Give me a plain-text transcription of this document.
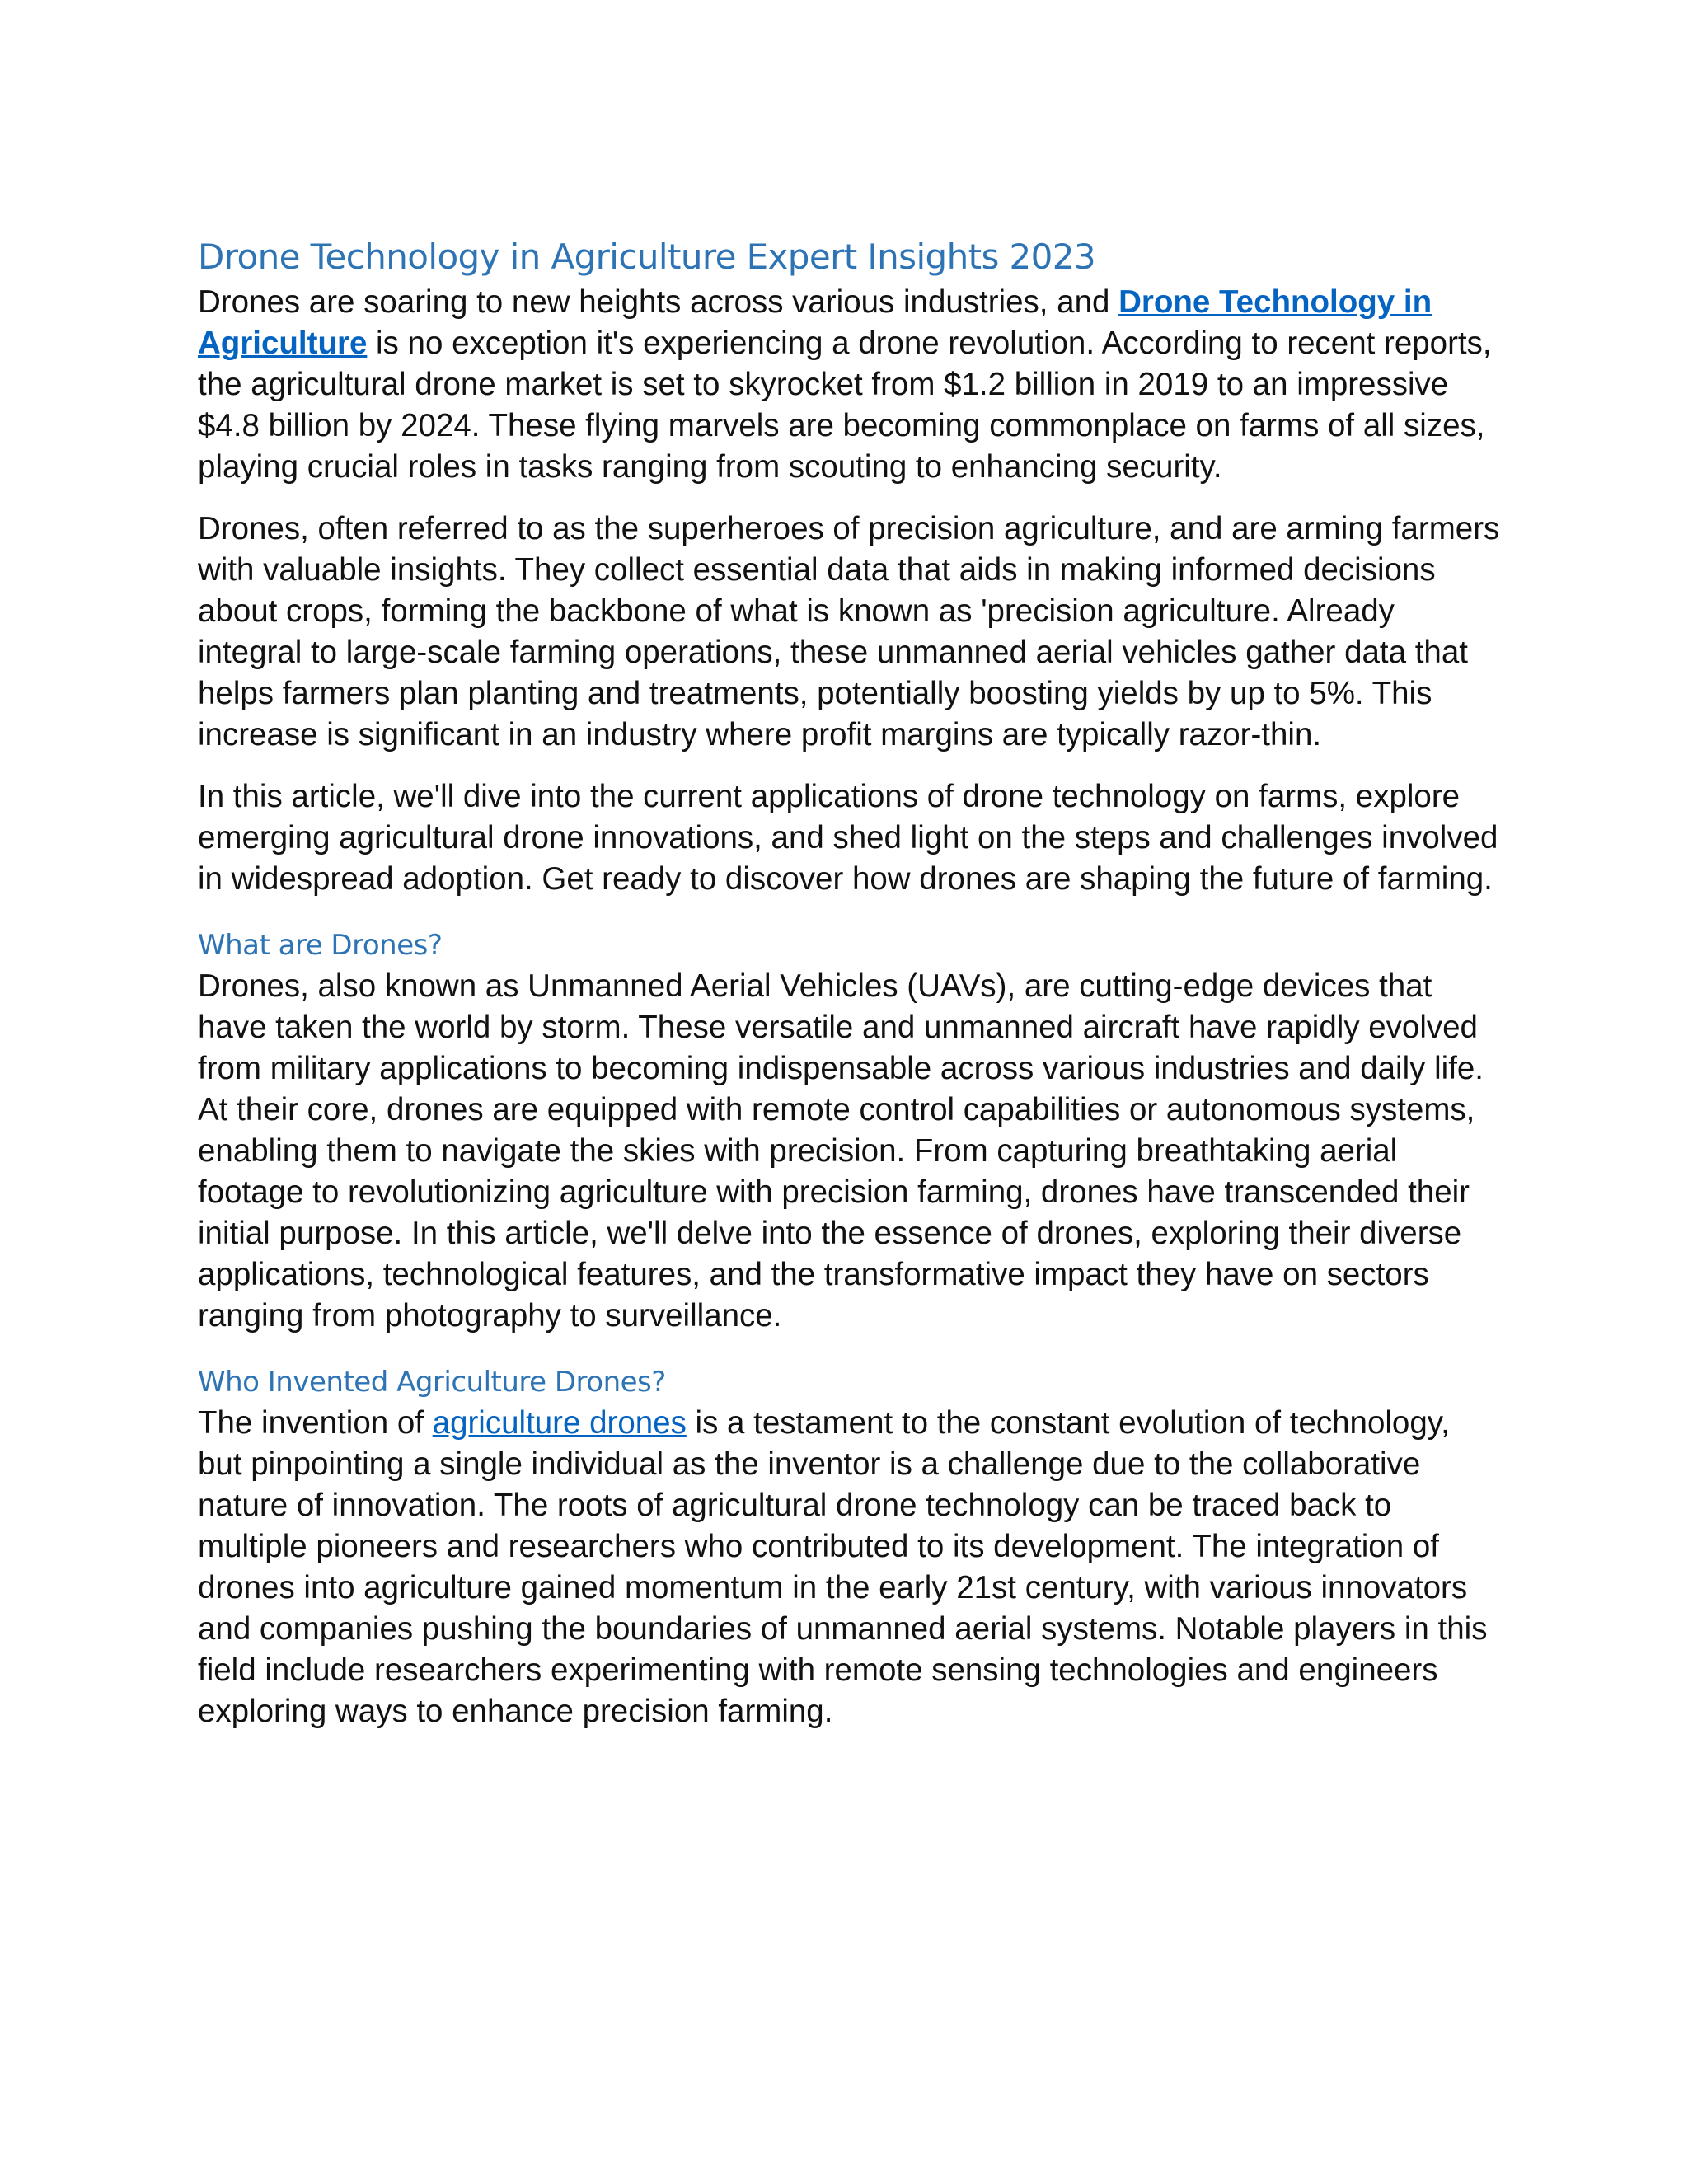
Drone Technology in Agriculture Expert Insights 2023

Drones are soaring to new heights across various industries, and Drone Technology in Agriculture is no exception it's experiencing a drone revolution. According to recent reports, the agricultural drone market is set to skyrocket from $1.2 billion in 2019 to an impressive $4.8 billion by 2024. These flying marvels are becoming commonplace on farms of all sizes, playing crucial roles in tasks ranging from scouting to enhancing security.

Drones, often referred to as the superheroes of precision agriculture, and are arming farmers with valuable insights. They collect essential data that aids in making informed decisions about crops, forming the backbone of what is known as 'precision agriculture. Already integral to large-scale farming operations, these unmanned aerial vehicles gather data that helps farmers plan planting and treatments, potentially boosting yields by up to 5%. This increase is significant in an industry where profit margins are typically razor-thin.

In this article, we'll dive into the current applications of drone technology on farms, explore emerging agricultural drone innovations, and shed light on the steps and challenges involved in widespread adoption. Get ready to discover how drones are shaping the future of farming.

What are Drones?

Drones, also known as Unmanned Aerial Vehicles (UAVs), are cutting-edge devices that have taken the world by storm. These versatile and unmanned aircraft have rapidly evolved from military applications to becoming indispensable across various industries and daily life. At their core, drones are equipped with remote control capabilities or autonomous systems, enabling them to navigate the skies with precision. From capturing breathtaking aerial footage to revolutionizing agriculture with precision farming, drones have transcended their initial purpose. In this article, we'll delve into the essence of drones, exploring their diverse applications, technological features, and the transformative impact they have on sectors ranging from photography to surveillance.

Who Invented Agriculture Drones?

The invention of agriculture drones is a testament to the constant evolution of technology, but pinpointing a single individual as the inventor is a challenge due to the collaborative nature of innovation. The roots of agricultural drone technology can be traced back to multiple pioneers and researchers who contributed to its development. The integration of drones into agriculture gained momentum in the early 21st century, with various innovators and companies pushing the boundaries of unmanned aerial systems. Notable players in this field include researchers experimenting with remote sensing technologies and engineers exploring ways to enhance precision farming.
